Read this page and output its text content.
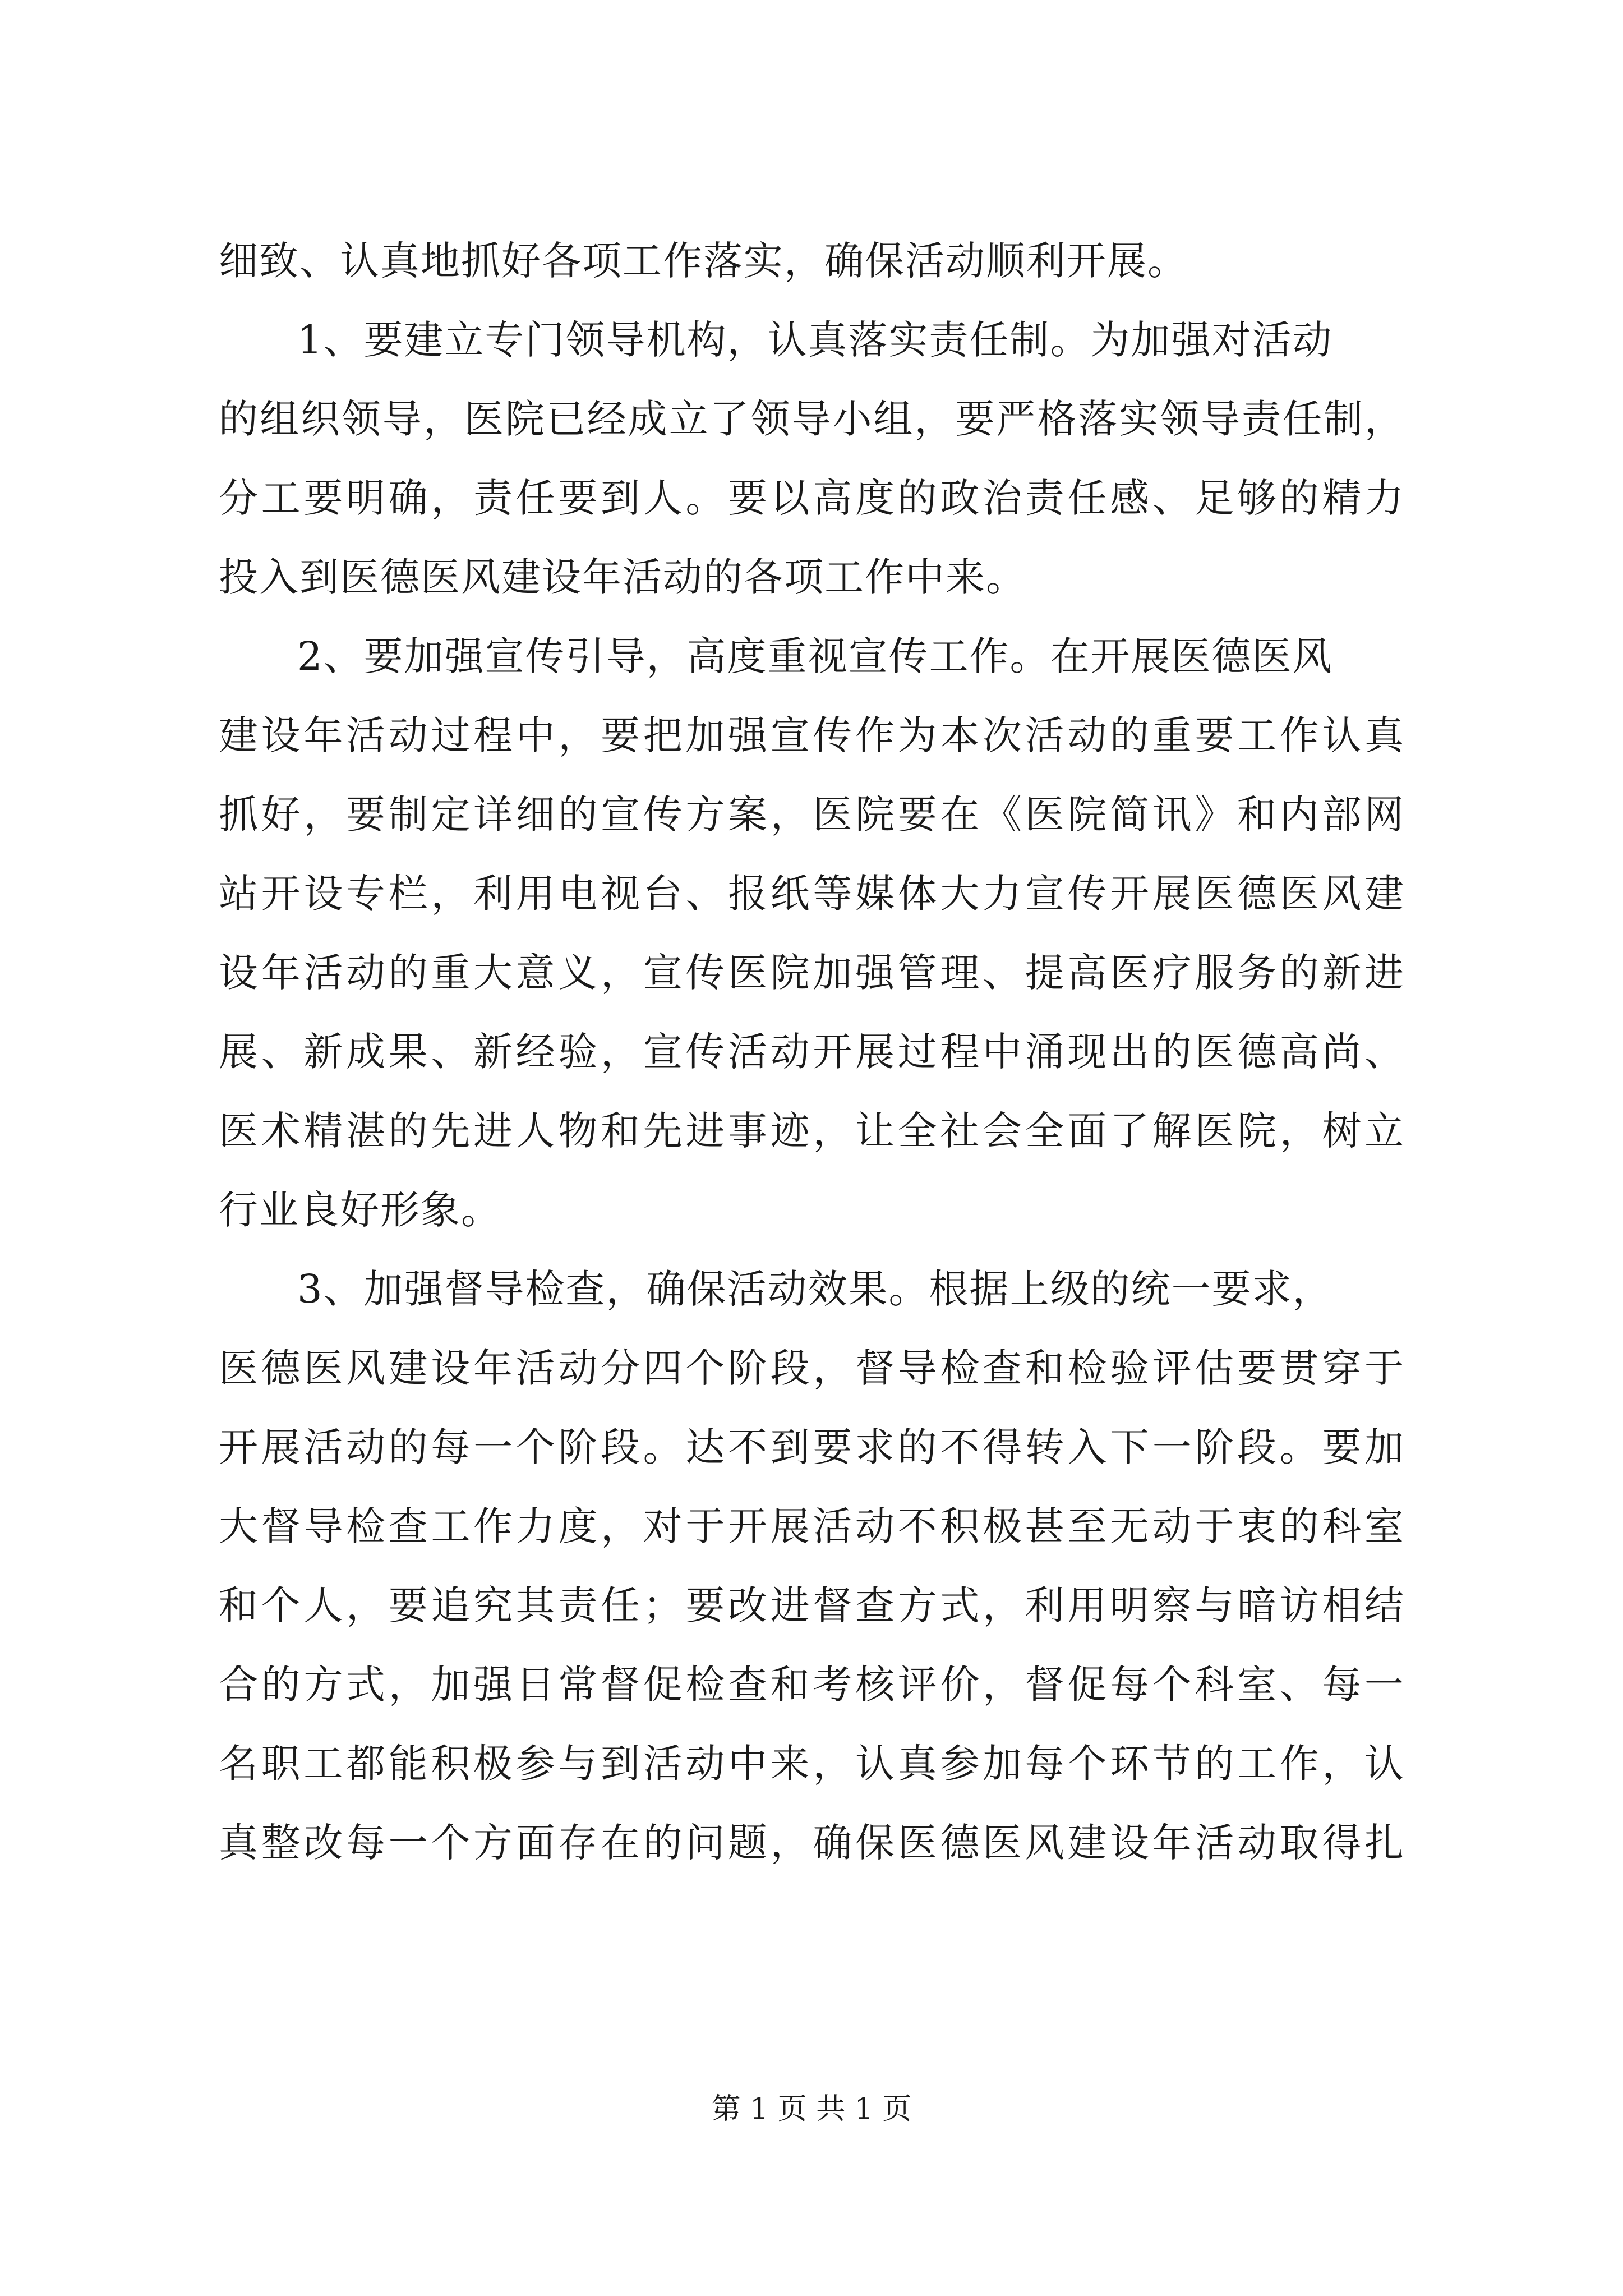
细致、认真地抓好各项工作落实，确保活动顺利开展。
1、要建立专门领导机构，认真落实责任制。为加强对活动
的组织领导，医院已经成立了领导小组，要严格落实领导责任制，
分工要明确，责任要到人。要以高度的政治责任感、足够的精力
投入到医德医风建设年活动的各项工作中来。
2、要加强宣传引导，高度重视宣传工作。在开展医德医风
建设年活动过程中，要把加强宣传作为本次活动的重要工作认真
抓好，要制定详细的宣传方案，医院要在《医院简讯》和内部网
站开设专栏，利用电视台、报纸等媒体大力宣传开展医德医风建
设年活动的重大意义，宣传医院加强管理、提高医疗服务的新进
展、新成果、新经验，宣传活动开展过程中涌现出的医德高尚、
医术精湛的先进人物和先进事迹，让全社会全面了解医院，树立
行业良好形象。
3、加强督导检查，确保活动效果。根据上级的统一要求，
医德医风建设年活动分四个阶段，督导检查和检验评估要贯穿于
开展活动的每一个阶段。达不到要求的不得转入下一阶段。要加
大督导检查工作力度，对于开展活动不积极甚至无动于衷的科室
和个人，要追究其责任；要改进督查方式，利用明察与暗访相结
合的方式，加强日常督促检查和考核评价，督促每个科室、每一
名职工都能积极参与到活动中来，认真参加每个环节的工作，认
真整改每一个方面存在的问题，确保医德医风建设年活动取得扎
第 1 页 共 1 页
